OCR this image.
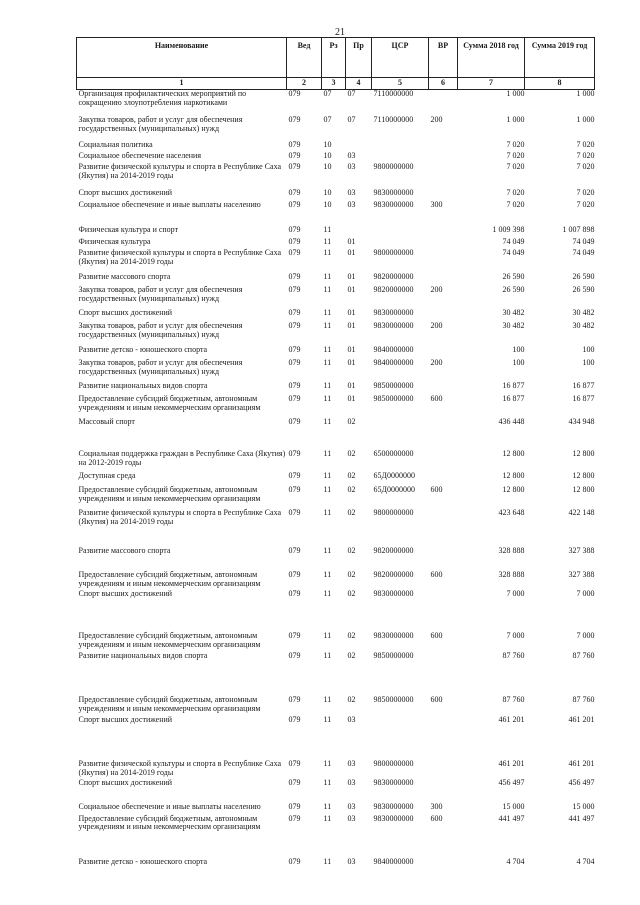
21
Наименование	Вед	Рз	Пр	ЦСР	ВР	Сумма 2018 год	Сумма 2019 год
1	2	3	4	5	6	7	8
Организация профилактических мероприятий по сокращению злоупотребления наркотиками	079	07	07	7110000000		1 000	1 000
Закупка товаров, работ и услуг для обеспечения государственных (муниципальных) нужд	079	07	07	7110000000	200	1 000	1 000
Социальная политика	079	10				7 020	7 020
Социальное обеспечение населения	079	10	03			7 020	7 020
Развитие физической культуры и спорта в Республике Саха (Якутия) на 2014-2019 годы	079	10	03	9800000000		7 020	7 020
Спорт высших достижений	079	10	03	9830000000		7 020	7 020
Социальное обеспечение и иные выплаты населению	079	10	03	9830000000	300	7 020	7 020
Физическая культура и спорт	079	11				1 009 398	1 007 898
Физическая культура	079	11	01			74 049	74 049
Развитие физической культуры и спорта в Республике Саха (Якутия) на 2014-2019 годы	079	11	01	9800000000		74 049	74 049
Развитие массового спорта	079	11	01	9820000000		26 590	26 590
Закупка товаров, работ и услуг для обеспечения государственных (муниципальных) нужд	079	11	01	9820000000	200	26 590	26 590
Спорт высших достижений	079	11	01	9830000000		30 482	30 482
Закупка товаров, работ и услуг для обеспечения государственных (муниципальных) нужд	079	11	01	9830000000	200	30 482	30 482
Развитие детско - юношеского спорта	079	11	01	9840000000		100	100
Закупка товаров, работ и услуг для обеспечения государственных (муниципальных) нужд	079	11	01	9840000000	200	100	100
Развитие национальных видов спорта	079	11	01	9850000000		16 877	16 877
Предоставление субсидий бюджетным, автономным учреждениям и иным некоммерческим организациям	079	11	01	9850000000	600	16 877	16 877
Массовый спорт	079	11	02			436 448	434 948
Социальная поддержка граждан в Республике Саха (Якутия) на 2012-2019 годы	079	11	02	6500000000		12 800	12 800
Доступная среда	079	11	02	65Д0000000		12 800	12 800
Предоставление субсидий бюджетным, автономным учреждениям и иным некоммерческим организациям	079	11	02	65Д0000000	600	12 800	12 800
Развитие физической культуры и спорта в Республике Саха (Якутия) на 2014-2019 годы	079	11	02	9800000000		423 648	422 148
Развитие массового спорта	079	11	02	9820000000		328 888	327 388
Предоставление субсидий бюджетным, автономным учреждениям и иным некоммерческим организациям	079	11	02	9820000000	600	328 888	327 388
Спорт высших достижений	079	11	02	9830000000		7 000	7 000
Предоставление субсидий бюджетным, автономным учреждениям и иным некоммерческим организациям	079	11	02	9830000000	600	7 000	7 000
Развитие национальных видов спорта	079	11	02	9850000000		87 760	87 760
Предоставление субсидий бюджетным, автономным учреждениям и иным некоммерческим организациям	079	11	02	9850000000	600	87 760	87 760
Спорт высших достижений	079	11	03			461 201	461 201
Развитие физической культуры и спорта в Республике Саха (Якутия) на 2014-2019 годы	079	11	03	9800000000		461 201	461 201
Спорт высших достижений	079	11	03	9830000000		456 497	456 497
Социальное обеспечение и иные выплаты населению	079	11	03	9830000000	300	15 000	15 000
Предоставление субсидий бюджетным, автономным учреждениям и иным некоммерческим организациям	079	11	03	9830000000	600	441 497	441 497
Развитие детско - юношеского спорта	079	11	03	9840000000		4 704	4 704
